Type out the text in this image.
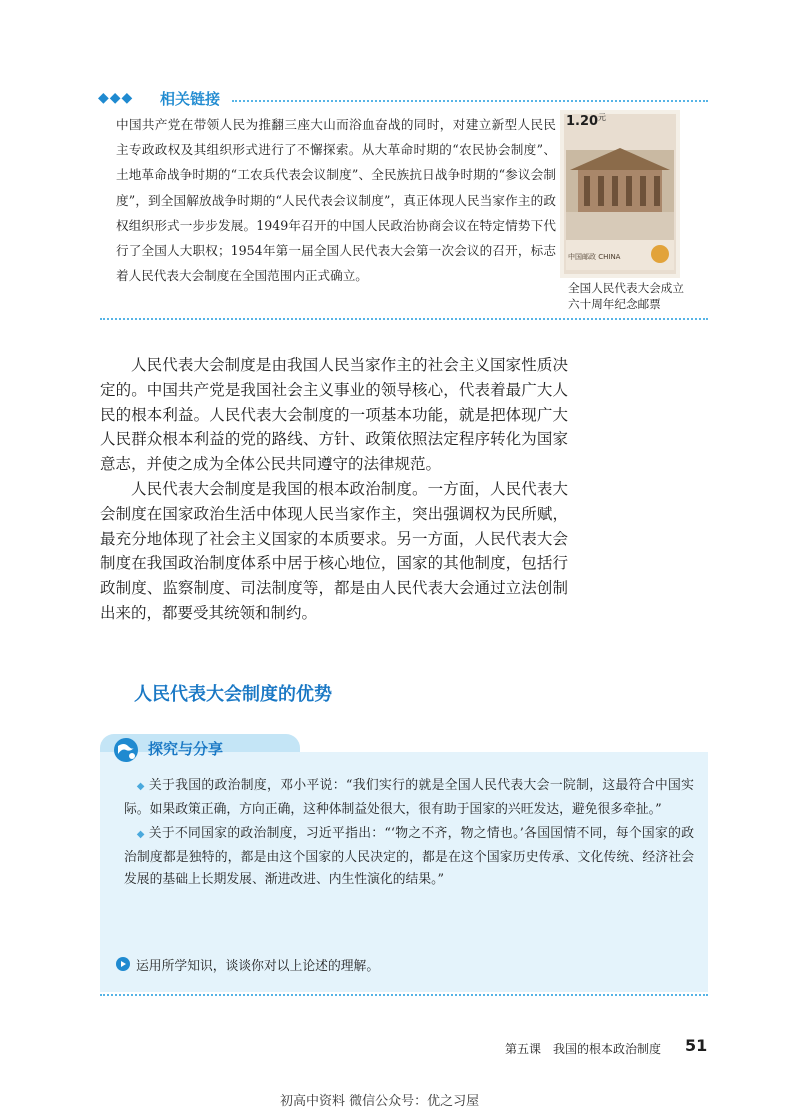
◆◆◆ 相关链接
中国共产党在带领人民为推翻三座大山而浴血奋战的同时，对建立新型人民民主专政政权及其组织形式进行了不懈探索。从大革命时期的“农民协会制度”、土地革命战争时期的“工农兵代表会议制度”、全民族抗日战争时期的“参议会制度”，到全国解放战争时期的“人民代表会议制度”，真正体现人民当家作主的政权组织形式一步步发展。1949年召开的中国人民政治协商会议在特定情势下代行了全国人大职权；1954年第一届全国人民代表大会第一次会议的召开，标志着人民代表大会制度在全国范围内正式确立。
1.20 元
中国邮政 CHINA
全国人民代表大会成立
六十周年纪念邮票

人民代表大会制度是由我国人民当家作主的社会主义国家性质决定的。中国共产党是我国社会主义事业的领导核心，代表着最广大人民的根本利益。人民代表大会制度的一项基本功能，就是把体现广大人民群众根本利益的党的路线、方针、政策依照法定程序转化为国家意志，并使之成为全体公民共同遵守的法律规范。

人民代表大会制度是我国的根本政治制度。一方面，人民代表大会制度在国家政治生活中体现人民当家作主，突出强调权为民所赋，最充分地体现了社会主义国家的本质要求。另一方面，人民代表大会制度在我国政治制度体系中居于核心地位，国家的其他制度，包括行政制度、监察制度、司法制度等，都是由人民代表大会通过立法创制出来的，都要受其统领和制约。

人民代表大会制度的优势
探究与分享

◆ 关于我国的政治制度，邓小平说：“我们实行的就是全国人民代表大会一院制，这最符合中国实际。如果政策正确，方向正确，这种体制益处很大，很有助于国家的兴旺发达，避免很多牵扯。”

◆ 关于不同国家的政治制度，习近平指出：“‘物之不齐，物之情也。’各国国情不同，每个国家的政治制度都是独特的，都是由这个国家的人民决定的，都是在这个国家历史传承、文化传统、经济社会发展的基础上长期发展、渐进改进、内生性演化的结果。”

运用所学知识，谈谈你对以上论述的理解。
第五课　我国的根本政治制度 51
初高中资料 微信公众号：优之习屋
